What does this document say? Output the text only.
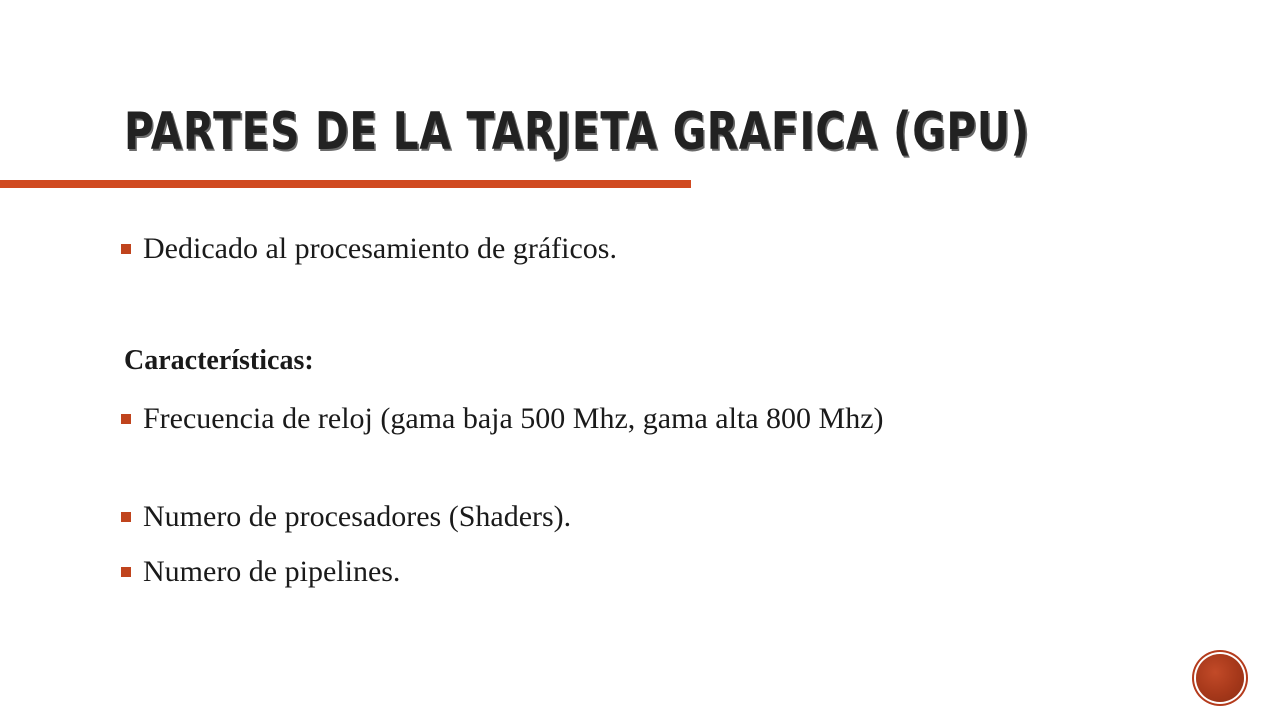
PARTES DE LA TARJETA GRAFICA (GPU)
Dedicado al procesamiento de gráficos.
Características:
Frecuencia de reloj (gama baja 500 Mhz, gama alta 800 Mhz)
Numero de procesadores (Shaders).
Numero de pipelines.
